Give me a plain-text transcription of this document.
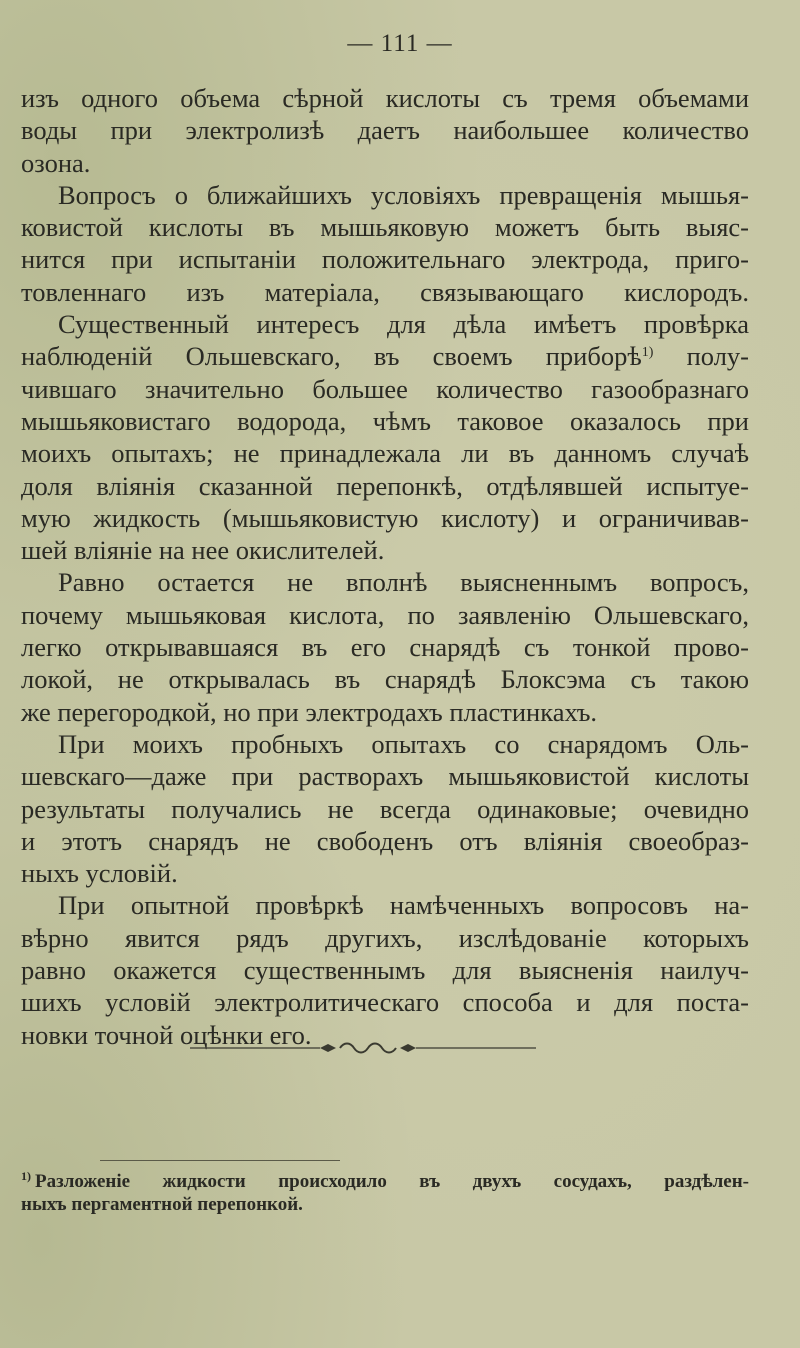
— 111 —
изъ одного объема сѣрной кислоты съ тремя объемами
воды при электролизѣ даетъ наибольшее количество
озона.
Вопросъ о ближайшихъ условіяхъ превращенія мышья-
ковистой кислоты въ мышьяковую можетъ быть выяс-
нится при испытаніи положительнаго электрода, приго-
товленнаго изъ матеріала, связывающаго кислородъ.
Существенный интересъ для дѣла имѣетъ провѣрка
наблюденій Ольшевскаго, въ своемъ приборѣ$^{1)}$ полу-
чившаго значительно большее количество газообразнаго
мышьяковистаго водорода, чѣмъ таковое оказалось при
моихъ опытахъ; не принадлежала ли въ данномъ случаѣ
доля вліянія сказанной перепонкѣ, отдѣлявшей испытуе-
мую жидкость (мышьяковистую кислоту) и ограничивав-
шей вліяніе на нее окислителей.
Равно остается не вполнѣ выясненнымъ вопросъ,
почему мышьяковая кислота, по заявленію Ольшевскаго,
легко открывавшаяся въ его снарядѣ съ тонкой прово-
локой, не открывалась въ снарядѣ Блоксэма съ такою
же перегородкой, но при электродахъ пластинкахъ.
При моихъ пробныхъ опытахъ со снарядомъ Оль-
шевскаго—даже при растворахъ мышьяковистой кислоты
результаты получались не всегда одинаковые; очевидно
и этотъ снарядъ не свободенъ отъ вліянія своеобраз-
ныхъ условій.
При опытной провѣркѣ намѣченныхъ вопросовъ на-
вѣрно явится рядъ другихъ, изслѣдованіе которыхъ
равно окажется существеннымъ для выясненія наилуч-
шихъ условій электролитическаго способа и для поста-
новки точной оцѣнки его.
$^{1)}$ Разложеніе жидкости происходило въ двухъ сосудахъ, раздѣлен-
ныхъ пергаментной перепонкой.
